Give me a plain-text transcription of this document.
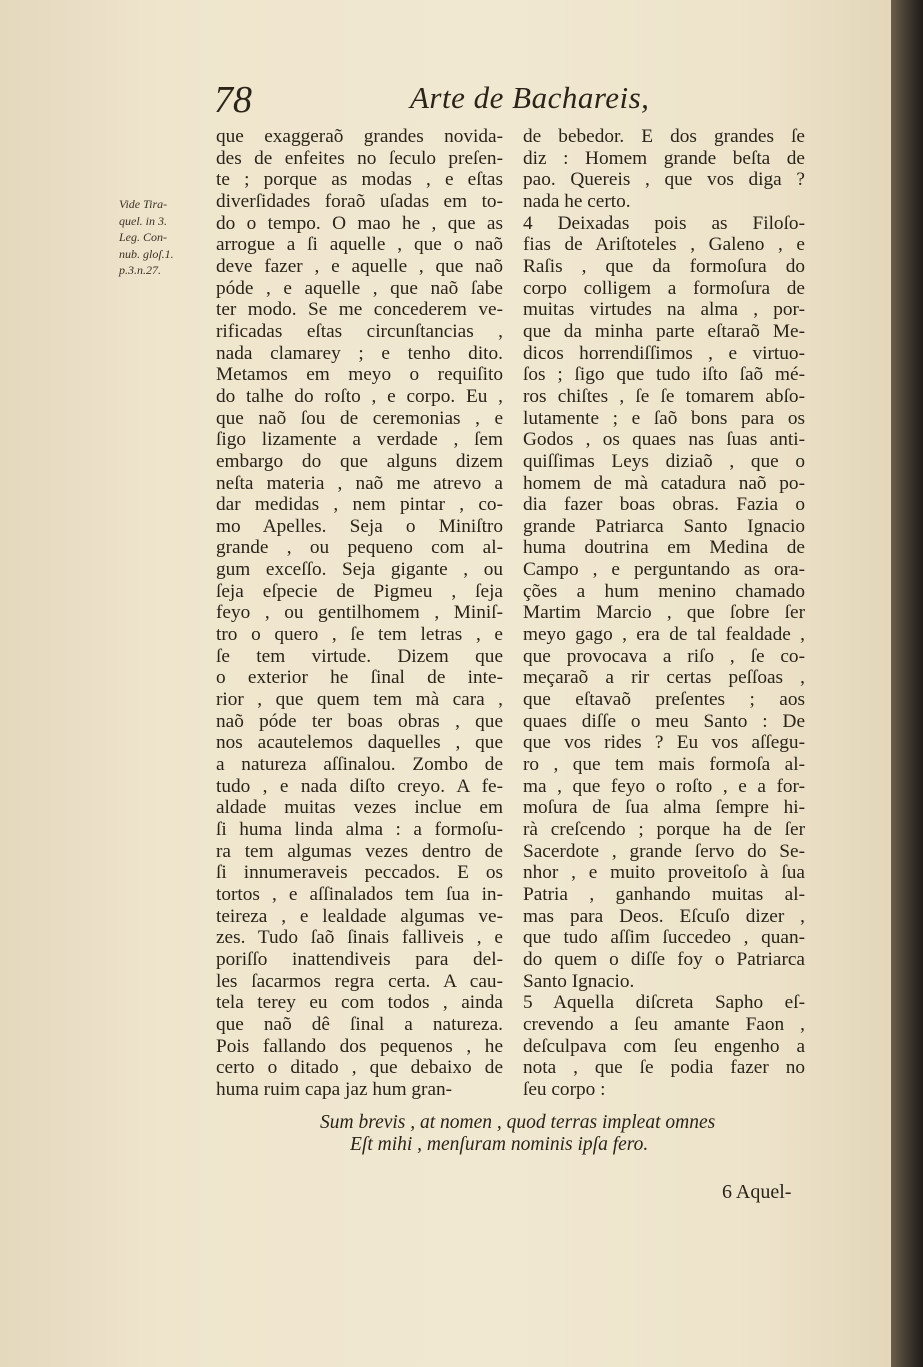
78	Arte de Bachareis,
Vide Tira-
quel. in 3.
Leg. Con-
nub. gloſ.1.
p.3.n.27.
que exaggeraõ grandes novida-
des de enfeites no ſeculo preſen-
te ; porque as modas , e eſtas
diverſidades foraõ uſadas em to-
do o tempo. O mao he , que as
arrogue a ſi aquelle , que o naõ
deve fazer , e aquelle , que naõ
póde , e aquelle , que naõ ſabe
ter modo. Se me concederem ve-
rificadas eſtas circunſtancias ,
nada clamarey ; e tenho dito.
Metamos em meyo o requiſito
do talhe do roſto , e corpo. Eu ,
que naõ ſou de ceremonias , e
ſigo lizamente a verdade , ſem
embargo do que alguns dizem
neſta materia , naõ me atrevo a
dar medidas , nem pintar , co-
mo Apelles. Seja o Miniſtro
grande , ou pequeno com al-
gum exceſſo. Seja gigante , ou
ſeja eſpecie de Pigmeu , ſeja
feyo , ou gentilhomem , Miniſ-
tro o quero , ſe tem letras , e
ſe tem virtude. Dizem que
o exterior he ſinal de inte-
rior , que quem tem mà cara ,
naõ póde ter boas obras , que
nos acautelemos daquelles , que
a natureza aſſinalou. Zombo de
tudo , e nada diſto creyo. A fe-
aldade muitas vezes inclue em
ſi huma linda alma : a formoſu-
ra tem algumas vezes dentro de
ſi innumeraveis peccados. E os
tortos , e aſſinalados tem ſua in-
teireza , e lealdade algumas ve-
zes. Tudo ſaõ ſinais falliveis , e
poriſſo inattendiveis para del-
les ſacarmos regra certa. A cau-
tela terey eu com todos , ainda
que naõ dê ſinal a natureza.
Pois fallando dos pequenos , he
certo o ditado , que debaixo de
huma ruim capa jaz hum gran-
de bebedor. E dos grandes ſe
diz : Homem grande beſta de
pao. Quereis , que vos diga ?
nada he certo.
4 Deixadas pois as Filoſo-
fias de Ariſtoteles , Galeno , e
Raſis , que da formoſura do
corpo colligem a formoſura de
muitas virtudes na alma , por-
que da minha parte eſtaraõ Me-
dicos horrendiſſimos , e virtuo-
ſos ; ſigo que tudo iſto ſaõ mé-
ros chiſtes , ſe ſe tomarem abſo-
lutamente ; e ſaõ bons para os
Godos , os quaes nas ſuas anti-
quiſſimas Leys diziaõ , que o
homem de mà catadura naõ po-
dia fazer boas obras. Fazia o
grande Patriarca Santo Ignacio
huma doutrina em Medina de
Campo , e perguntando as ora-
ções a hum menino chamado
Martim Marcio , que ſobre ſer
meyo gago , era de tal fealdade ,
que provocava a riſo , ſe co-
meçaraõ a rir certas peſſoas ,
que eſtavaõ preſentes ; aos
quaes diſſe o meu Santo : De
que vos rides ? Eu vos aſſegu-
ro , que tem mais formoſa al-
ma , que feyo o roſto , e a for-
moſura de ſua alma ſempre hi-
rà creſcendo ; porque ha de ſer
Sacerdote , grande ſervo do Se-
nhor , e muito proveitoſo à ſua
Patria , ganhando muitas al-
mas para Deos. Eſcuſo dizer ,
que tudo aſſim ſuccedeo , quan-
do quem o diſſe foy o Patriarca
Santo Ignacio.
5 Aquella diſcreta Sapho eſ-
crevendo a ſeu amante Faon ,
deſculpava com ſeu engenho a
nota , que ſe podia fazer no
ſeu corpo :
Sum brevis , at nomen , quod terras impleat omnes
Eſt mihi , menſuram nominis ipſa fero.
6 Aquel-
